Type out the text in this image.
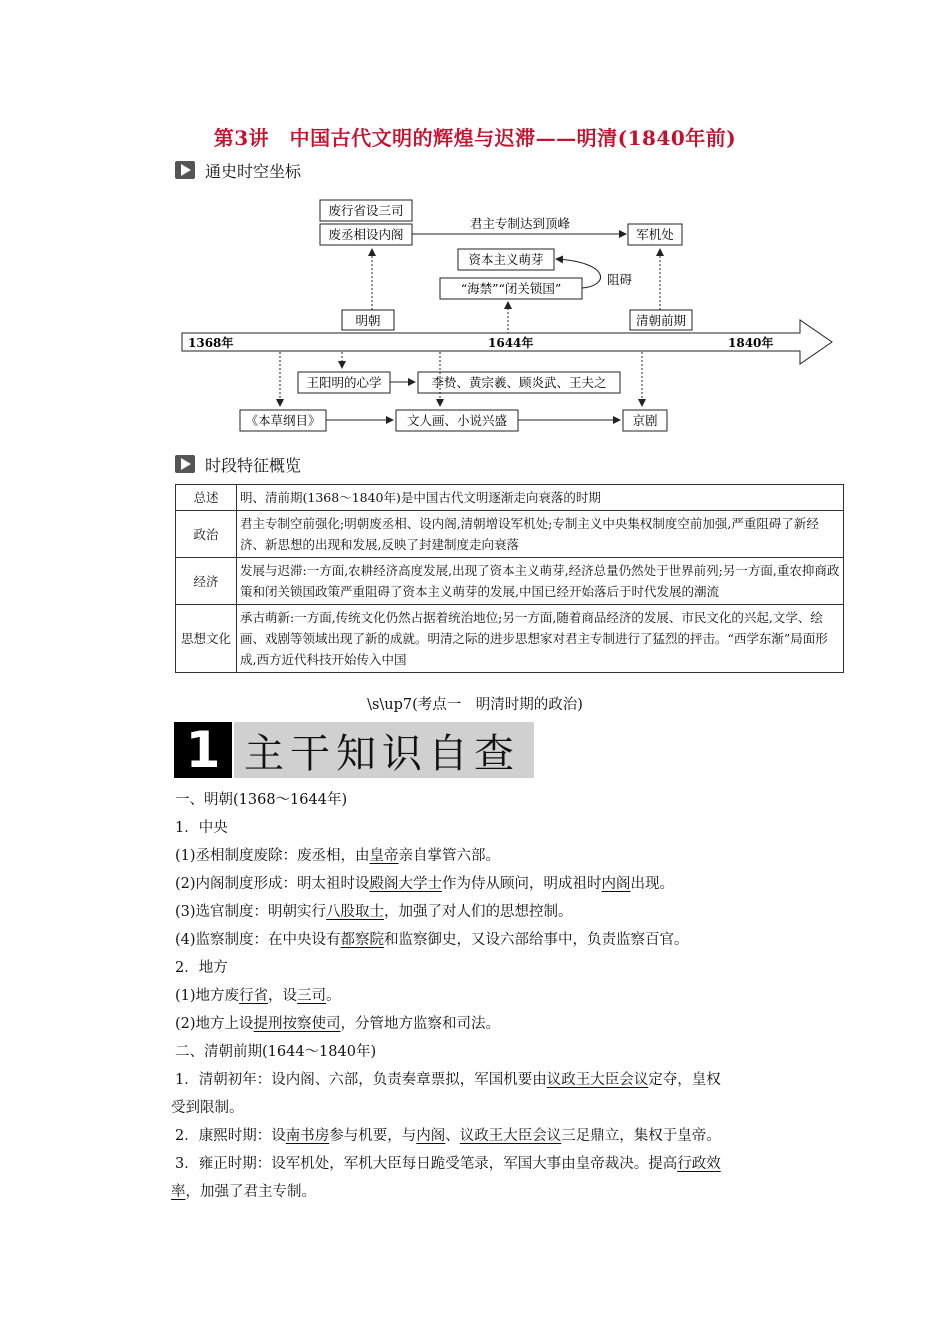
第3讲　中国古代文明的辉煌与迟滞——明清(1840年前)
通史时空坐标
废行省设三司
废丞相设内阁
君主专制达到顶峰
军机处
资本主义萌芽
“海禁”“闭关锁国”
阻碍
明朝	清朝前期
1368年	1644年	1840年
王阳明的心学	李贽、黄宗羲、顾炎武、王夫之
《本草纲目》	文人画、小说兴盛	京剧
时段特征概览
总述	明、清前期(1368～1840年)是中国古代文明逐渐走向衰落的时期
政治	君主专制空前强化;明朝废丞相、设内阁,清朝增设军机处;专制主义中央集权制度空前加强,严重阻碍了新经济、新思想的出现和发展,反映了封建制度走向衰落
经济	发展与迟滞:一方面,农耕经济高度发展,出现了资本主义萌芽,经济总量仍然处于世界前列;另一方面,重农抑商政策和闭关锁国政策严重阻碍了资本主义萌芽的发展,中国已经开始落后于时代发展的潮流
思想文化	承古萌新:一方面,传统文化仍然占据着统治地位;另一方面,随着商品经济的发展、市民文化的兴起,文学、绘画、戏剧等领域出现了新的成就。明清之际的进步思想家对君主专制进行了猛烈的抨击。“西学东渐”局面形成,西方近代科技开始传入中国
\s\up7(考点一　明清时期的政治)
1 主干知识自查
一、明朝(1368～1644年)
1．中央
(1)丞相制度废除：废丞相，由皇帝亲自掌管六部。
(2)内阁制度形成：明太祖时设殿阁大学士作为侍从顾问，明成祖时内阁出现。
(3)选官制度：明朝实行八股取士，加强了对人们的思想控制。
(4)监察制度：在中央设有都察院和监察御史，又设六部给事中，负责监察百官。
2．地方
(1)地方废行省，设三司。
(2)地方上设提刑按察使司，分管地方监察和司法。
二、清朝前期(1644～1840年)
1．清朝初年：设内阁、六部，负责奏章票拟，军国机要由议政王大臣会议定夺，皇权
受到限制。
2．康熙时期：设南书房参与机要，与内阁、议政王大臣会议三足鼎立，集权于皇帝。
3．雍正时期：设军机处，军机大臣每日跪受笔录，军国大事由皇帝裁决。提高行政效
率，加强了君主专制。
